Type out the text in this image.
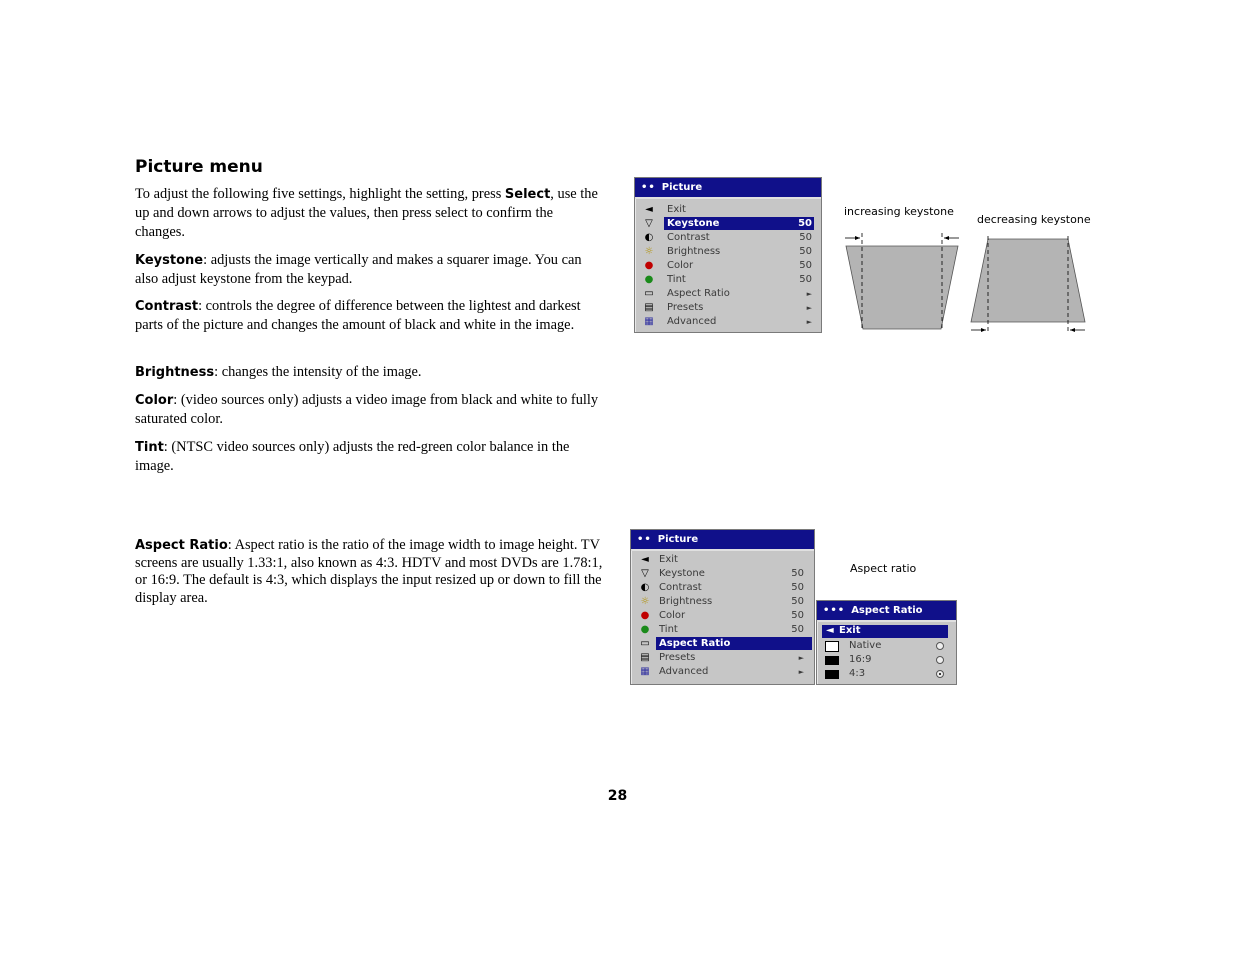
Picture menu

To adjust the following five settings, highlight the setting, press Select, use the up and down arrows to adjust the values, then press select to confirm the changes.

Keystone: adjusts the image vertically and makes a squarer image. You can also adjust keystone from the keypad.

Contrast: controls the degree of difference between the lightest and darkest parts of the picture and changes the amount of black and white in the image.

Brightness: changes the intensity of the image.

Color: (video sources only) adjusts a video image from black and white to fully saturated color.

Tint: (NTSC video sources only) adjusts the red-green color balance in the image.

Aspect Ratio: Aspect ratio is the ratio of the image width to image height. TV screens are usually 1.33:1, also known as 4:3. HDTV and most DVDs are 1.78:1, or 16:9. The default is 4:3, which displays the input resized up or down to fill the display area.

•• Picture
◄ Exit
▽ Keystone	50
◐ Contrast	50
☼ Brightness	50
● Color	50
● Tint	50
▭ Aspect Ratio	►
▤ Presets	►
▦ Advanced	►
increasing keystone
decreasing keystone
•• Picture
◄ Exit
▽ Keystone	50
◐ Contrast	50
☼ Brightness	50
● Color	50
● Tint	50
▭ Aspect Ratio
▤ Presets	►
▦ Advanced	►
Aspect ratio
••• Aspect Ratio
◄ Exit
Native
16:9
4:3
28
